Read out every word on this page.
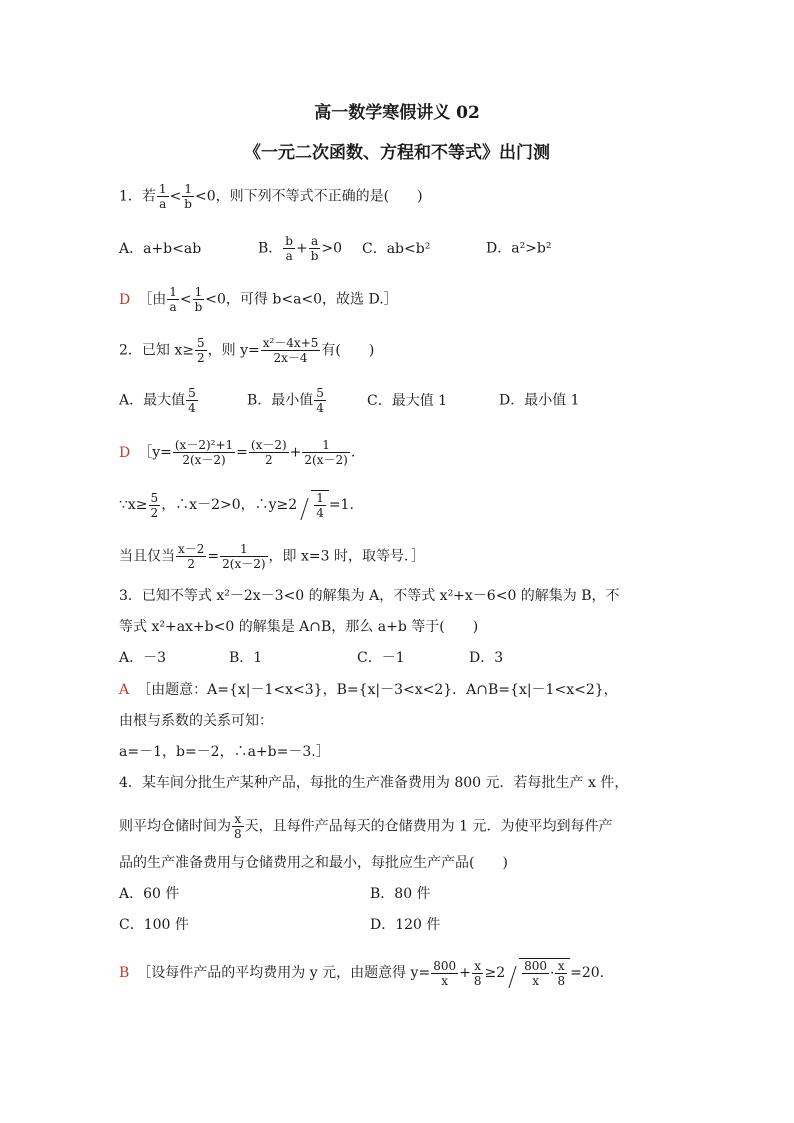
高一数学寒假讲义 02
《一元二次函数、方程和不等式》出门测
1．若 $\frac{1}{a} < \frac{1}{b} <0$，则下列不等式不正确的是(　　)
A．a+b<ab	B． $\frac{b}{a} + \frac{a}{b} >0$ C．ab<b²	D．a²>b²
D ［由 $\frac{1}{a} < \frac{1}{b} <0$，可得 b<a<0，故选 D.］
2．已知 $x\ge \frac{5}{2}$ ，则 $y= \frac{\text{x²－4x+5}}{2x-4}$ 有(　　)
A．最大值 $\frac{5}{4}$	B．最小值 $\frac{5}{4}$	C．最大值 1	D．最小值 1
D ［y= $\frac{\text{(x－2)²+1}}{2(x-2)} = \frac{(x-2)}{2} + \frac{1}{2(x-2)}$ .
∵x≥ $\frac{5}{2}$ ，∴x－2>0，∴y≥2 $\frac{1}{4} =1$.
当且仅当 $\frac{x-2}{2} = \frac{1}{2(x-2)}$ ，即 x=3 时，取等号．］
3．已知不等式 x²－2x－3<0 的解集为 A，不等式 x²+x－6<0 的解集为 B，不
等式 x²+ax+b<0 的解集是 A∩B，那么 a+b 等于(　　)
A．－3	B．1	C．－1	D．3
A ［由题意：A={x|－1<x<3}，B={x|－3<x<2}．A∩B={x|－1<x<2}，
由根与系数的关系可知：
a=－1，b=－2，∴a+b=－3.］
4．某车间分批生产某种产品，每批的生产准备费用为 800 元．若每批生产 x 件，
则平均仓储时间为 $\frac{x}{8}$ 天，且每件产品每天的仓储费用为 1 元．为使平均到每件产
品的生产准备费用与仓储费用之和最小，每批应生产产品(　　)
A．60 件	B．80 件
C．100 件	D．120 件
B ［设每件产品的平均费用为 y 元，由题意得 $y= \frac{800}{x} + \frac{x}{8} \ge 2 \frac{800}{x} \cdot \frac{x}{8} =20$.
